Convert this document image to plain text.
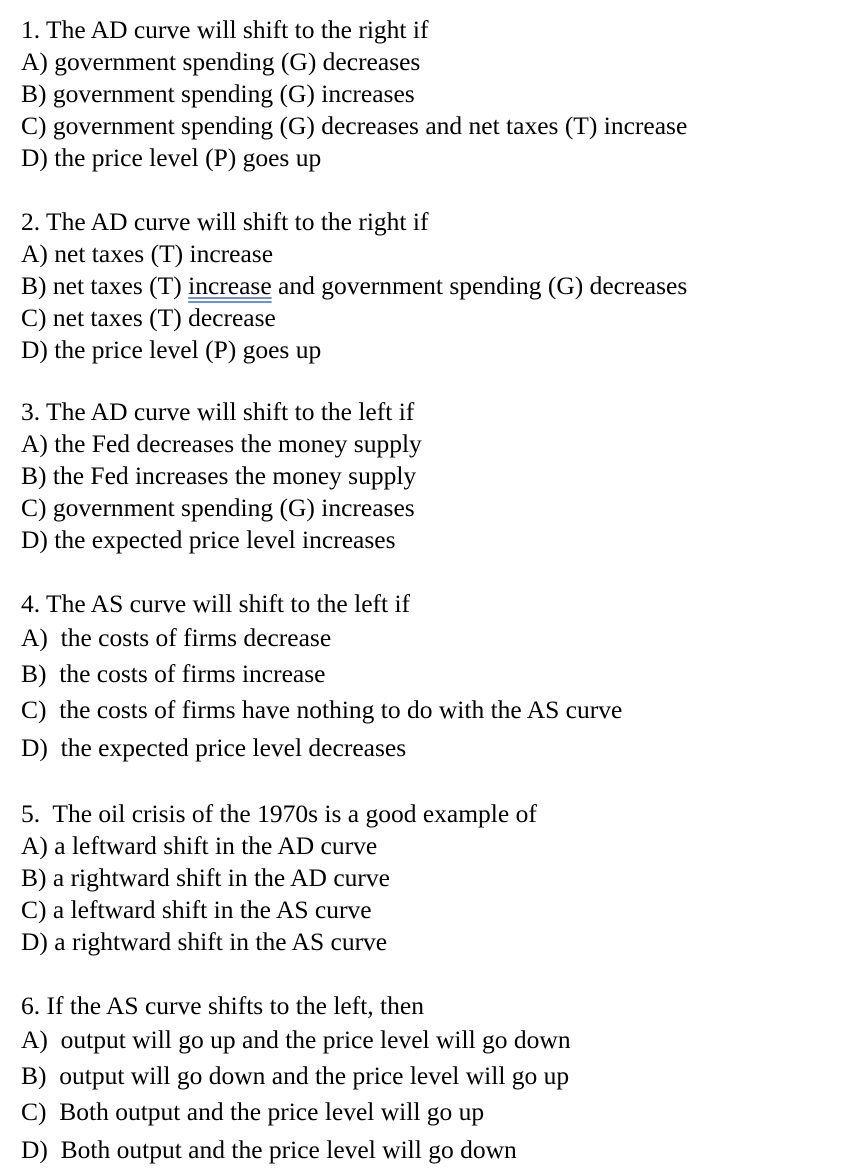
1. The AD curve will shift to the right if
A) government spending (G) decreases
B) government spending (G) increases
C) government spending (G) decreases and net taxes (T) increase
D) the price level (P) goes up
2. The AD curve will shift to the right if
A) net taxes (T) increase
B) net taxes (T) increase and government spending (G) decreases
C) net taxes (T) decrease
D) the price level (P) goes up
3. The AD curve will shift to the left if
A) the Fed decreases the money supply
B) the Fed increases the money supply
C) government spending (G) increases
D) the expected price level increases
4. The AS curve will shift to the left if
A)  the costs of firms decrease
B)  the costs of firms increase
C)  the costs of firms have nothing to do with the AS curve
D)  the expected price level decreases
5.  The oil crisis of the 1970s is a good example of
A) a leftward shift in the AD curve
B) a rightward shift in the AD curve
C) a leftward shift in the AS curve
D) a rightward shift in the AS curve
6. If the AS curve shifts to the left, then
A)  output will go up and the price level will go down
B)  output will go down and the price level will go up
C)  Both output and the price level will go up
D)  Both output and the price level will go down
